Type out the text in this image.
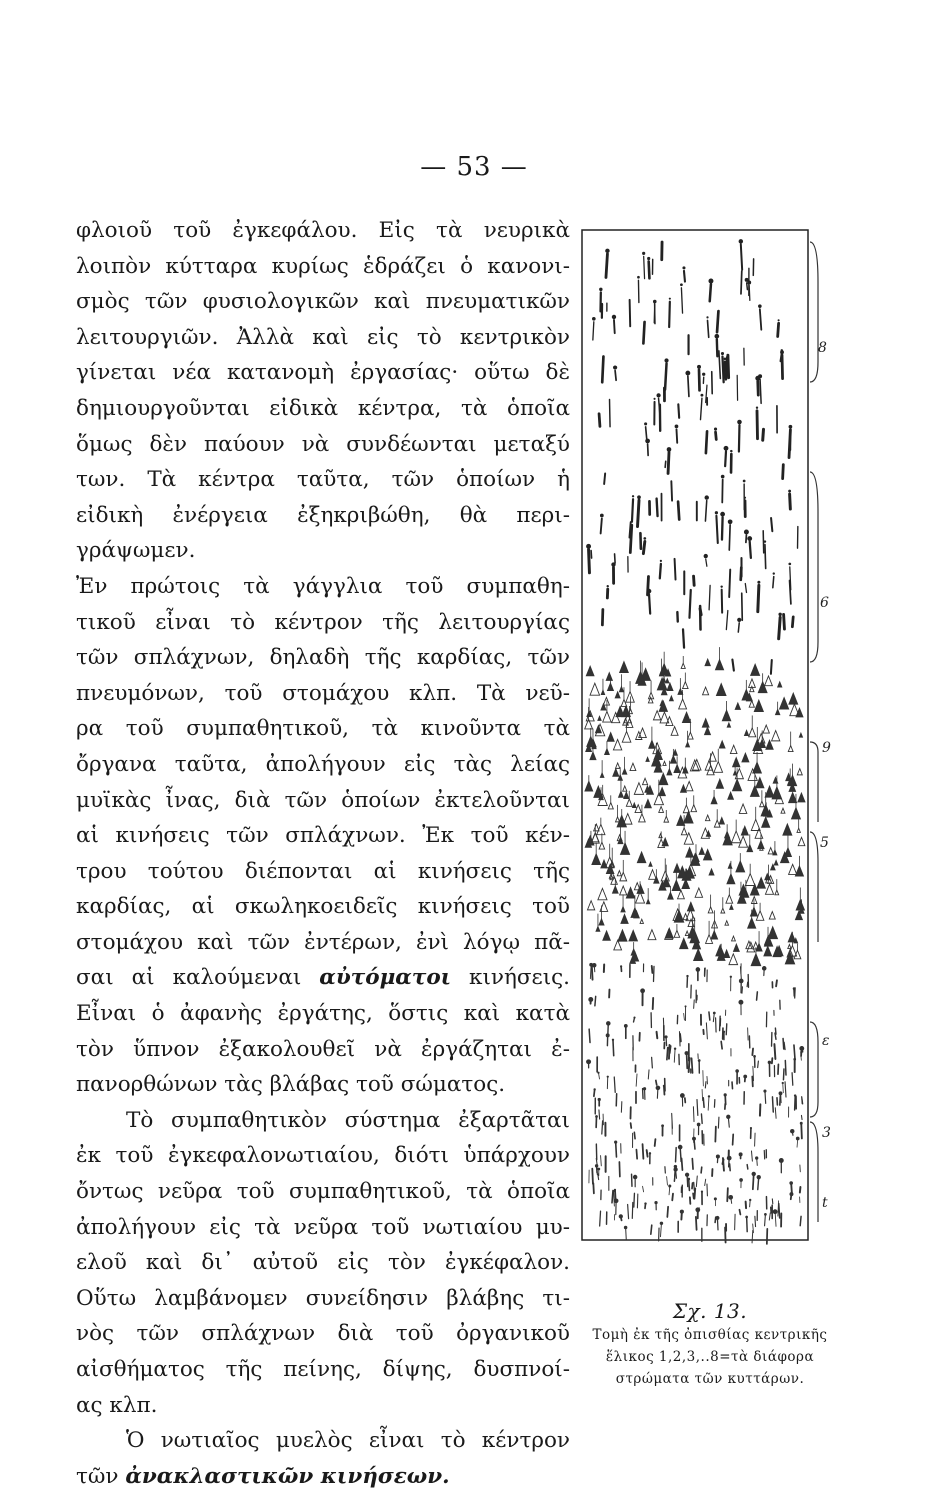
— 53 —
φλοιοῦ τοῦ ἐγκεφάλου. Εἰς τὰ νευρικὰ
λοιπὸν κύτταρα κυρίως ἑδράζει ὁ κανονι-
σμὸς τῶν φυσιολογικῶν καὶ πνευματικῶν
λειτουργιῶν. Ἀλλὰ καὶ εἰς τὸ κεντρικὸν
γίνεται νέα κατανομὴ ἐργασίας· οὕτω δὲ
δημιουργοῦνται εἰδικὰ κέντρα, τὰ ὁποῖα
ὅμως δὲν παύουν νὰ συνδέωνται μεταξύ
των. Τὰ κέντρα ταῦτα, τῶν ὁποίων ἡ
εἰδικὴ ἐνέργεια ἐξηκριβώθη, θὰ περι-
γράψωμεν.
Ἐν πρώτοις τὰ γάγγλια τοῦ συμπαθη-
τικοῦ εἶναι τὸ κέντρον τῆς λειτουργίας
τῶν σπλάχνων, δηλαδὴ τῆς καρδίας, τῶν
πνευμόνων, τοῦ στομάχου κλπ. Τὰ νεῦ-
ρα τοῦ συμπαθητικοῦ, τὰ κινοῦντα τὰ
ὄργανα ταῦτα, ἀπολήγουν εἰς τὰς λείας
μυϊκὰς ἶνας, διὰ τῶν ὁποίων ἐκτελοῦνται
αἱ κινήσεις τῶν σπλάχνων. Ἐκ τοῦ κέν-
τρου τούτου διέπονται αἱ κινήσεις τῆς
καρδίας, αἱ σκωληκοειδεῖς κινήσεις τοῦ
στομάχου καὶ τῶν ἐντέρων, ἐνὶ λόγῳ πᾶ-
σαι αἱ καλούμεναι αὐτόματοι κινήσεις.
Εἶναι ὁ ἀφανὴς ἐργάτης, ὅστις καὶ κατὰ
τὸν ὕπνον ἐξακολουθεῖ νὰ ἐργάζηται ἐ-
πανορθώνων τὰς βλάβας τοῦ σώματος.
Τὸ συμπαθητικὸν σύστημα ἐξαρτᾶται
ἐκ τοῦ ἐγκεφαλονωτιαίου, διότι ὑπάρχουν
ὄντως νεῦρα τοῦ συμπαθητικοῦ, τὰ ὁποῖα
ἀπολήγουν εἰς τὰ νεῦρα τοῦ νωτιαίου μυ-
ελοῦ καὶ δι᾽ αὐτοῦ εἰς τὸν ἐγκέφαλον.
Οὕτω λαμβάνομεν συνείδησιν βλάβης τι-
νὸς τῶν σπλάχνων διὰ τοῦ ὀργανικοῦ
αἰσθήματος τῆς πείνης, δίψης, δυσπνοί-
ας κλπ.
Ὁ νωτιαῖος μυελὸς εἶναι τὸ κέντρον
τῶν ἀνακλαστικῶν κινήσεων.
8
6
9
5
ε
3
t
Σχ. 13.
Τομὴ ἐκ τῆς ὀπισθίας κεντρικῆς
ἕλικος 1,2,3,..8=τὰ διάφορα
στρώματα τῶν κυττάρων.
